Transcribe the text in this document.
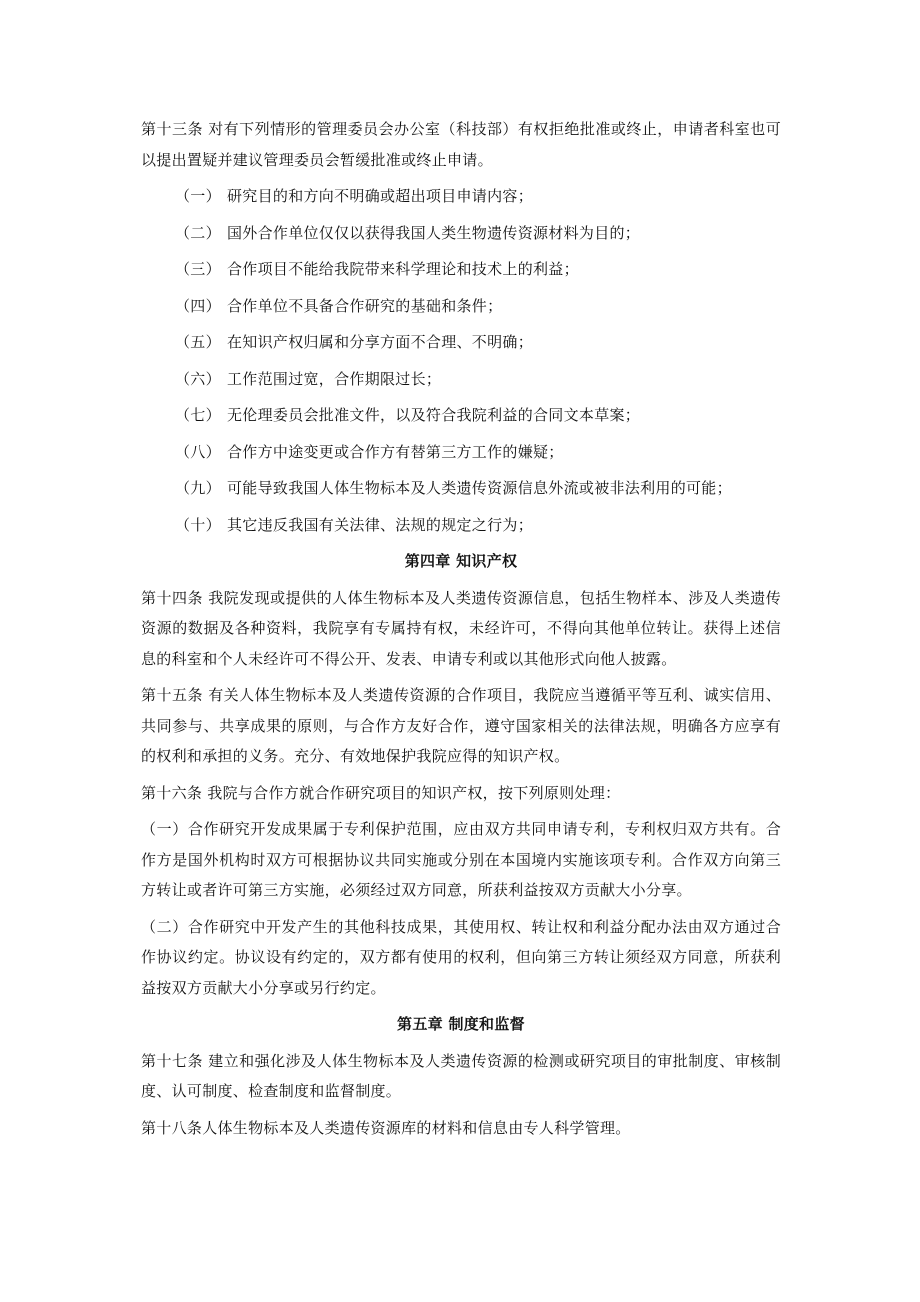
第十三条 对有下列情形的管理委员会办公室（科技部）有权拒绝批准或终止，申请者科室也可以提出置疑并建议管理委员会暂缓批准或终止申请。
（一） 研究目的和方向不明确或超出项目申请内容；
（二） 国外合作单位仅仅以获得我国人类生物遗传资源材料为目的；
（三） 合作项目不能给我院带来科学理论和技术上的利益；
（四） 合作单位不具备合作研究的基础和条件；
（五） 在知识产权归属和分享方面不合理、不明确；
（六） 工作范围过宽，合作期限过长；
（七） 无伦理委员会批准文件，以及符合我院利益的合同文本草案；
（八） 合作方中途变更或合作方有替第三方工作的嫌疑；
（九） 可能导致我国人体生物标本及人类遗传资源信息外流或被非法利用的可能；
（十） 其它违反我国有关法律、法规的规定之行为；
第四章 知识产权
第十四条 我院发现或提供的人体生物标本及人类遗传资源信息，包括生物样本、涉及人类遗传资源的数据及各种资料，我院享有专属持有权，未经许可，不得向其他单位转让。获得上述信息的科室和个人未经许可不得公开、发表、申请专利或以其他形式向他人披露。
第十五条 有关人体生物标本及人类遗传资源的合作项目，我院应当遵循平等互利、诚实信用、共同参与、共享成果的原则，与合作方友好合作，遵守国家相关的法律法规，明确各方应享有的权利和承担的义务。充分、有效地保护我院应得的知识产权。
第十六条 我院与合作方就合作研究项目的知识产权，按下列原则处理：
（一）合作研究开发成果属于专利保护范围，应由双方共同申请专利，专利权归双方共有。合作方是国外机构时双方可根据协议共同实施或分别在本国境内实施该项专利。合作双方向第三方转让或者许可第三方实施，必须经过双方同意，所获利益按双方贡献大小分享。
（二）合作研究中开发产生的其他科技成果，其使用权、转让权和利益分配办法由双方通过合作协议约定。协议设有约定的，双方都有使用的权利，但向第三方转让须经双方同意，所获利益按双方贡献大小分享或另行约定。
第五章 制度和监督
第十七条 建立和强化涉及人体生物标本及人类遗传资源的检测或研究项目的审批制度、审核制度、认可制度、检查制度和监督制度。
第十八条人体生物标本及人类遗传资源库的材料和信息由专人科学管理。
